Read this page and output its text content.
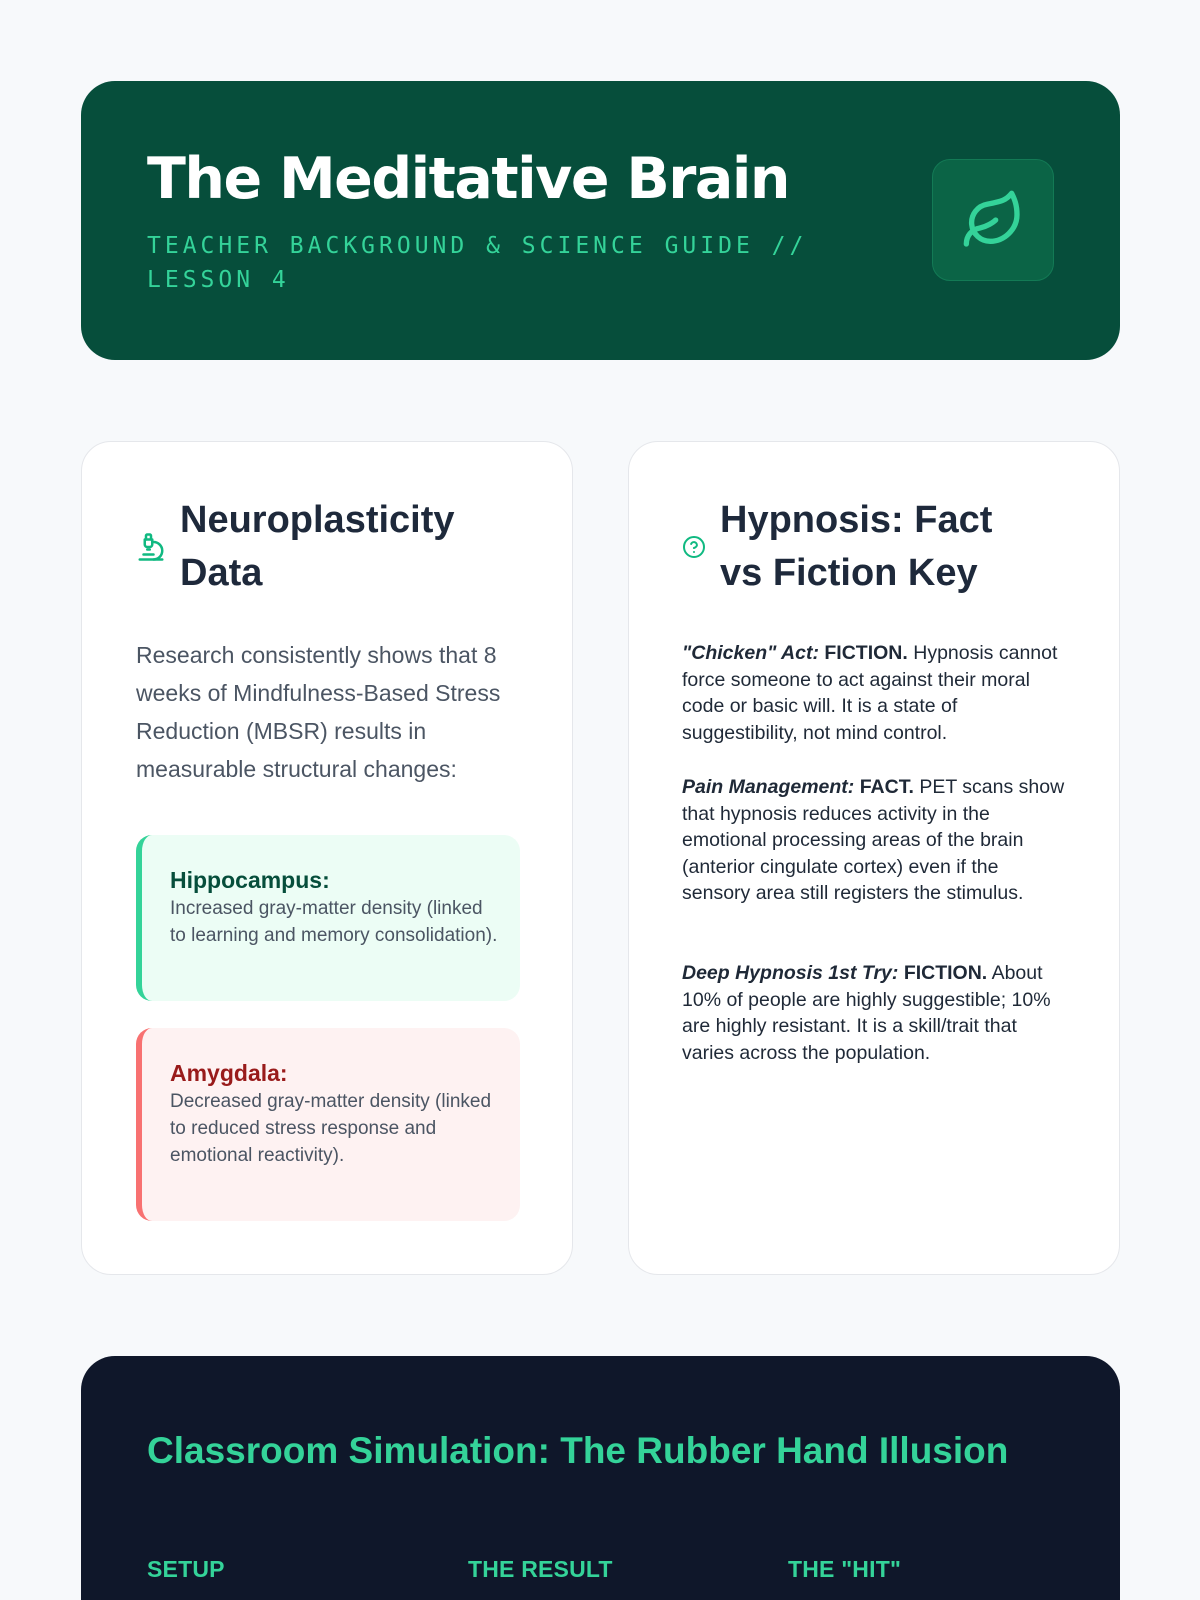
The Meditative Brain
TEACHER BACKGROUND & SCIENCE GUIDE // LESSON 4
Neuroplasticity Data
Research consistently shows that 8 weeks of Mindfulness-Based Stress Reduction (MBSR) results in measurable structural changes:
Hippocampus:
Increased gray-matter density (linked to learning and memory consolidation).
Amygdala:
Decreased gray-matter density (linked to reduced stress response and emotional reactivity).
Hypnosis: Fact vs Fiction Key
"Chicken" Act: FICTION. Hypnosis cannot force someone to act against their moral code or basic will. It is a state of suggestibility, not mind control.
Pain Management: FACT. PET scans show that hypnosis reduces activity in the emotional processing areas of the brain (anterior cingulate cortex) even if the sensory area still registers the stimulus.
Deep Hypnosis 1st Try: FICTION. About 10% of people are highly suggestible; 10% are highly resistant. It is a skill/trait that varies across the population.
Classroom Simulation: The Rubber Hand Illusion
SETUP	THE RESULT	THE "HIT"
